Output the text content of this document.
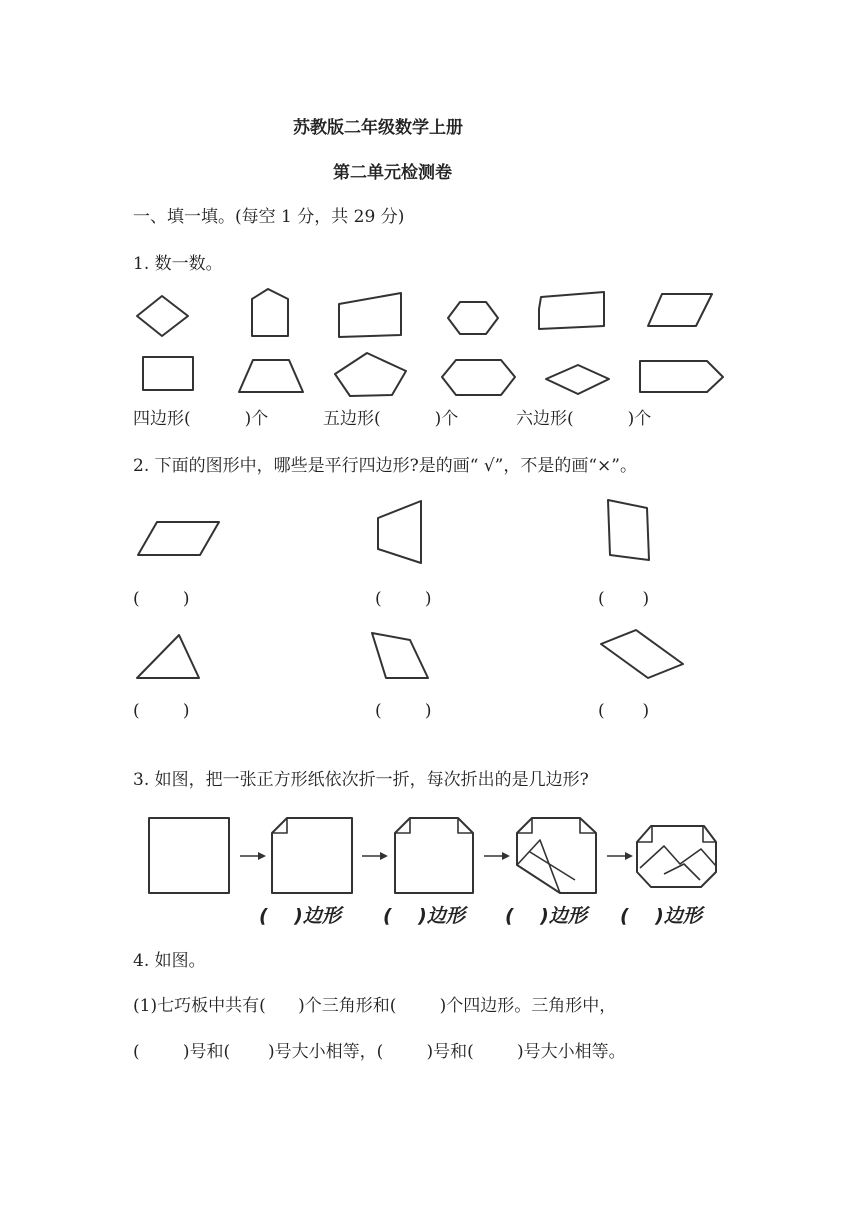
苏教版二年级数学上册
第二单元检测卷
一、填一填。(每空 1 分，共 29 分)
1. 数一数。
四边形(          )个	五边形(          )个	六边形(          )个
2. 下面的图形中，哪些是平行四边形?是的画“ √”，不是的画“×”。
(        )	(        )	(       )
(        )	(        )	(       )
3. 如图，把一张正方形纸依次折一折，每次折出的是几边形?
(    )边形 (    )边形 (    )边形 (    )边形
4. 如图。
(1)七巧板中共有(      )个三角形和(        )个四边形。三角形中，
(        )号和(       )号大小相等，(        )号和(        )号大小相等。
